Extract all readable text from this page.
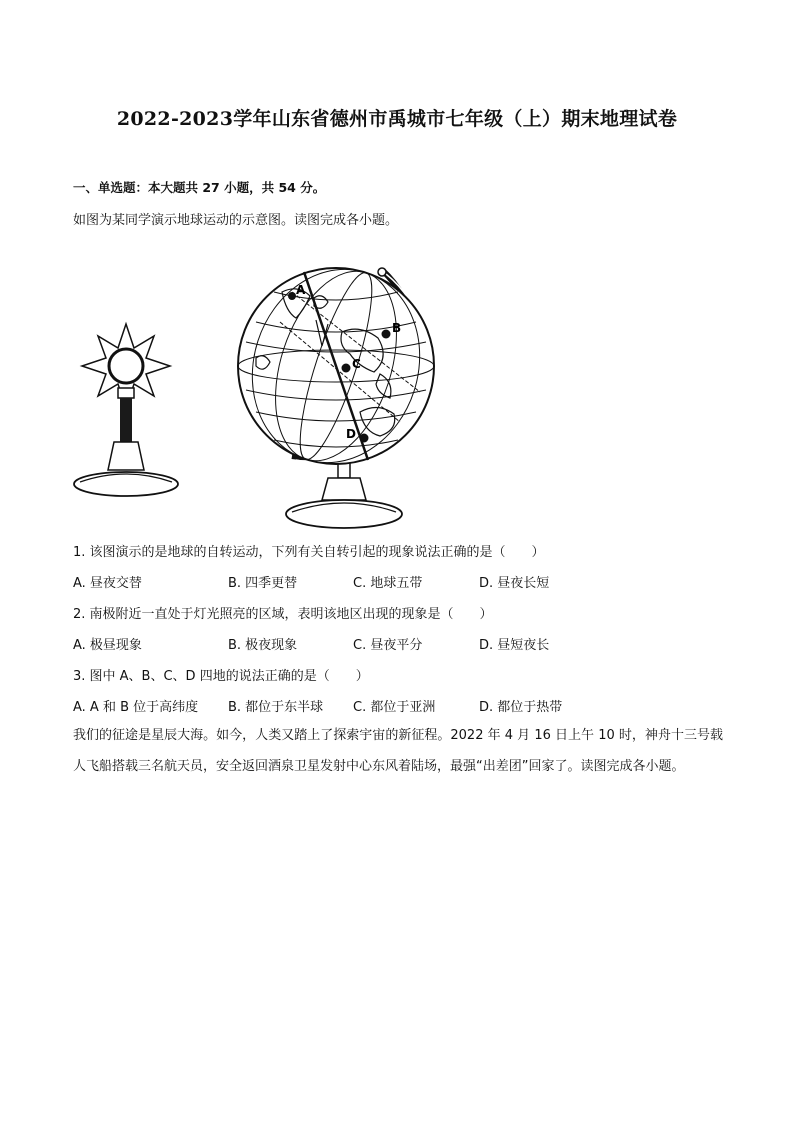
2022-2023学年山东省德州市禹城市七年级（上）期末地理试卷
一、单选题：本大题共 27 小题，共 54 分。
如图为某同学演示地球运动的示意图。读图完成各小题。
A
B
C
D
1. 该图演示的是地球的自转运动，下列有关自转引起的现象说法正确的是（　　）
A. 昼夜交替	B. 四季更替	C. 地球五带	D. 昼夜长短
2. 南极附近一直处于灯光照亮的区域，表明该地区出现的现象是（　　）
A. 极昼现象	B. 极夜现象	C. 昼夜平分	D. 昼短夜长
3. 图中 A、B、C、D 四地的说法正确的是（　　）
A. A 和 B 位于高纬度 B. 都位于东半球 C. 都位于亚洲	D. 都位于热带
我们的征途是星辰大海。如今，人类又踏上了探索宇宙的新征程。2022 年 4 月 16 日上午 10 时，神舟十三号载人飞船搭载三名航天员，安全返回酒泉卫星发射中心东风着陆场，最强“出差团”回家了。读图完成各小题。
